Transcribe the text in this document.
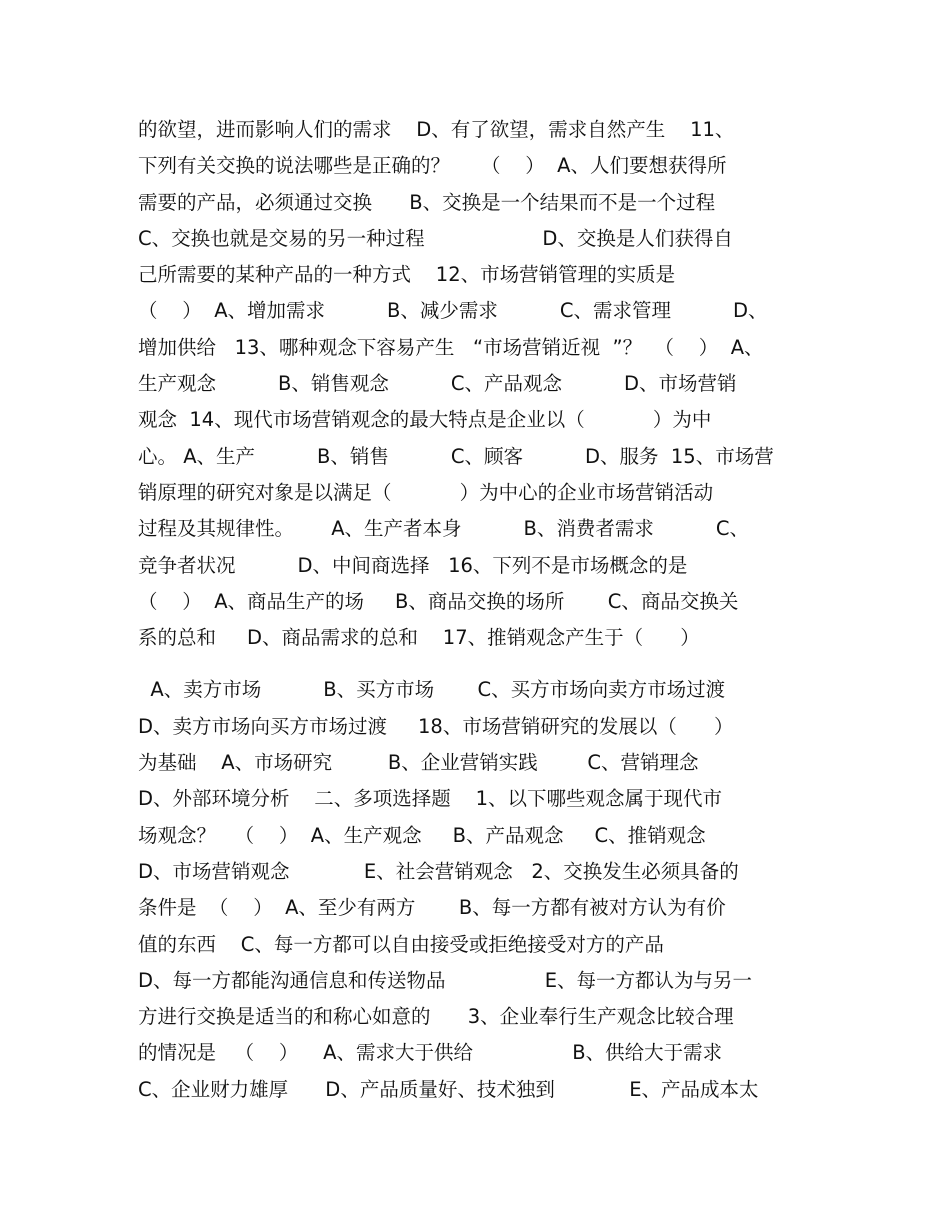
的欲望，进而影响人们的需求    D、有了欲望，需求自然产生    11、
下列有关交换的说法哪些是正确的？     （    ）  A、人们要想获得所
需要的产品，必须通过交换      B、交换是一个结果而不是一个过程
C、交换也就是交易的另一种过程                   D、交换是人们获得自
己所需要的某种产品的一种方式    12、市场营销管理的实质是
（    ）  A、增加需求          B、减少需求          C、需求管理          D、
增加供给   13、哪种观念下容易产生   “市场营销近视  ”？  （    ）  A、
生产观念          B、销售观念          C、产品观念          D、市场营销
观念  14、现代市场营销观念的最大特点是企业以（           ）为中
心。 A、生产          B、销售          C、顾客          D、服务  15、市场营
销原理的研究对象是以满足（           ）为中心的企业市场营销活动
过程及其规律性。      A、生产者本身          B、消费者需求          C、
竞争者状况          D、中间商选择   16、下列不是市场概念的是
（    ）  A、商品生产的场     B、商品交换的场所       C、商品交换关
系的总和     D、商品需求的总和    17、推销观念产生于（      ）
A、卖方市场          B、买方市场       C、买方市场向卖方市场过渡
D、卖方市场向买方市场过渡     18、市场营销研究的发展以（      ）
为基础    A、市场研究         B、企业营销实践        C、营销理念
D、外部环境分析    二、多项选择题    1、以下哪些观念属于现代市
场观念？   （    ）  A、生产观念     B、产品观念     C、推销观念
D、市场营销观念            E、社会营销观念   2、交换发生必须具备的
条件是  （    ）  A、至少有两方       B、每一方都有被对方认为有价
值的东西    C、每一方都可以自由接受或拒绝接受对方的产品
D、每一方都能沟通信息和传送物品                E、每一方都认为与另一
方进行交换是适当的和称心如意的      3、企业奉行生产观念比较合理
的情况是   （    ）    A、需求大于供给                B、供给大于需求
C、企业财力雄厚      D、产品质量好、技术独到            E、产品成本太
